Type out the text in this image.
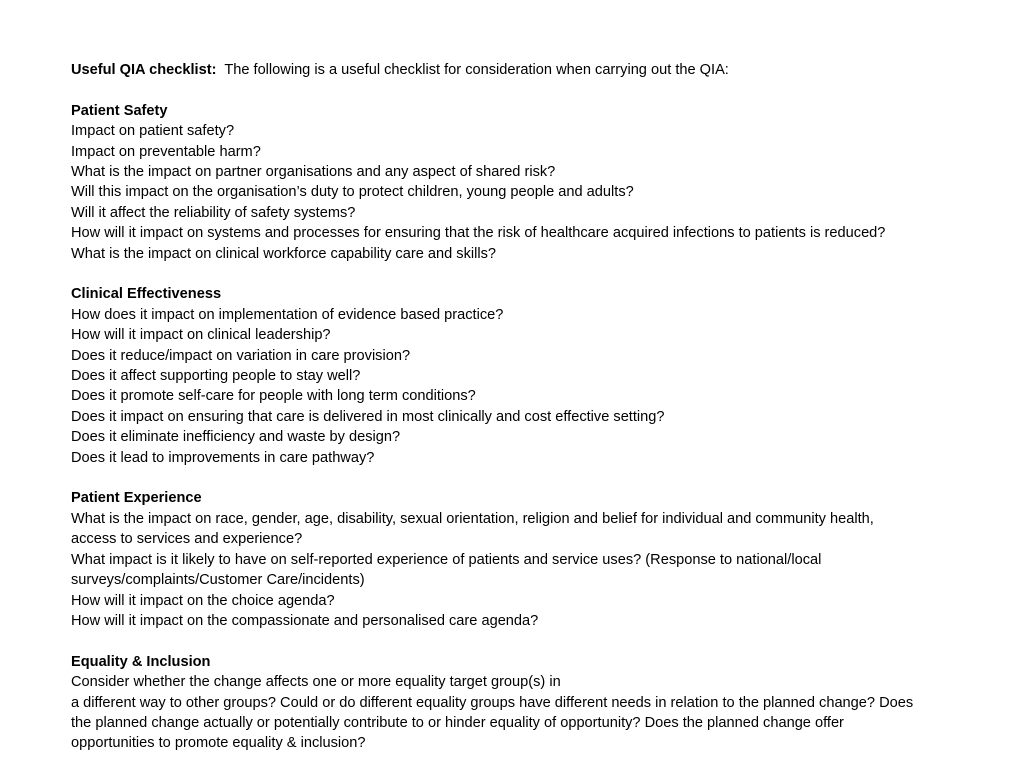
Useful QIA checklist: The following is a useful checklist for consideration when carrying out the QIA:
Patient Safety
Impact on patient safety?
Impact on preventable harm?
What is the impact on partner organisations and any aspect of shared risk?
Will this impact on the organisation’s duty to protect children, young people and adults?
Will it affect the reliability of safety systems?
How will it impact on systems and processes for ensuring that the risk of healthcare acquired infections to patients is reduced?
What is the impact on clinical workforce capability care and skills?
Clinical Effectiveness
How does it impact on implementation of evidence based practice?
How will it impact on clinical leadership?
Does it reduce/impact on variation in care provision?
Does it affect supporting people to stay well?
Does it promote self-care for people with long term conditions?
Does it impact on ensuring that care is delivered in most clinically and cost effective setting?
Does it eliminate inefficiency and waste by design?
Does it lead to improvements in care pathway?
Patient Experience
What is the impact on race, gender, age, disability, sexual orientation, religion and belief for individual and community health,
access to services and experience?
What impact is it likely to have on self-reported experience of patients and service uses? (Response to national/local
surveys/complaints/Customer Care/incidents)
How will it impact on the choice agenda?
How will it impact on the compassionate and personalised care agenda?
Equality & Inclusion
Consider whether the change affects one or more equality target group(s) in
a different way to other groups? Could or do different equality groups have different needs in relation to the planned change? Does
the planned change actually or potentially contribute to or hinder equality of opportunity? Does the planned change offer
opportunities to promote equality & inclusion?
